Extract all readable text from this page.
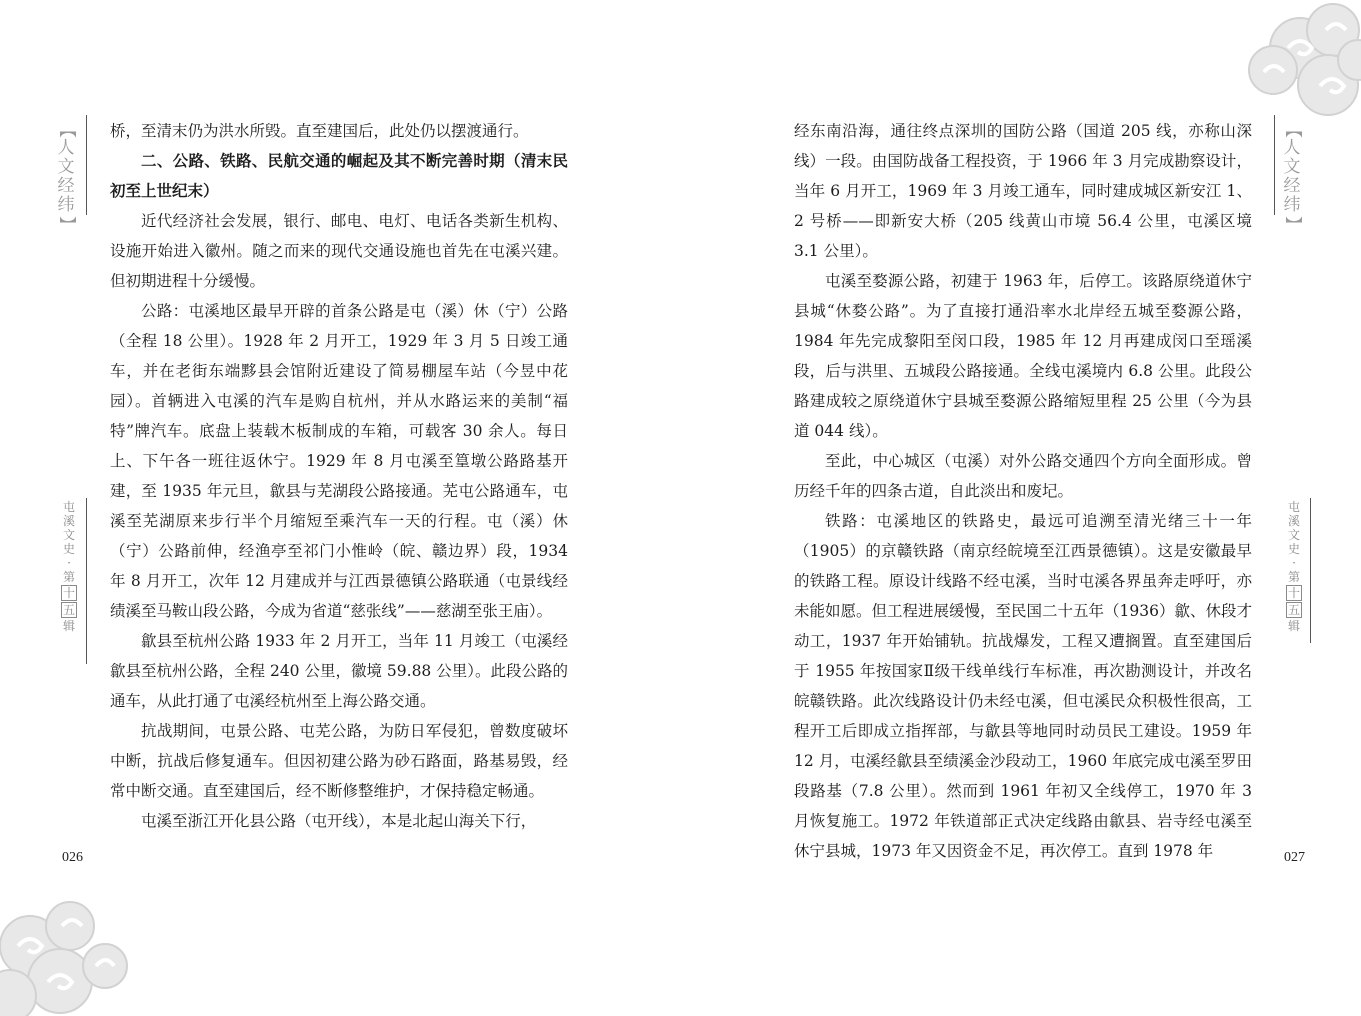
【
人
文
经
纬
】
屯
溪
文
史
·
第
十
五
辑
026

桥，至清末仍为洪水所毁。直至建国后，此处仍以摆渡通行。

二、公路、铁路、民航交通的崛起及其不断完善时期（清末民初至上世纪末）

近代经济社会发展，银行、邮电、电灯、电话各类新生机构、设施开始进入徽州。随之而来的现代交通设施也首先在屯溪兴建。但初期进程十分缓慢。

公路：屯溪地区最早开辟的首条公路是屯（溪）休（宁）公路（全程 18 公里）。1928 年 2 月开工，1929 年 3 月 5 日竣工通车，并在老街东端黟县会馆附近建设了简易棚屋车站（今昱中花园）。首辆进入屯溪的汽车是购自杭州，并从水路运来的美制“福特”牌汽车。底盘上装载木板制成的车箱，可载客 30 余人。每日上、下午各一班往返休宁。1929 年 8 月屯溪至篁墩公路路基开建，至 1935 年元旦，歙县与芜湖段公路接通。芜屯公路通车，屯溪至芜湖原来步行半个月缩短至乘汽车一天的行程。屯（溪）休（宁）公路前伸，经渔亭至祁门小惟岭（皖、赣边界）段，1934 年 8 月开工，次年 12 月建成并与江西景德镇公路联通（屯景线经绩溪至马鞍山段公路，今成为省道“慈张线”——慈湖至张王庙）。

歙县至杭州公路 1933 年 2 月开工，当年 11 月竣工（屯溪经歙县至杭州公路，全程 240 公里，徽境 59.88 公里）。此段公路的通车，从此打通了屯溪经杭州至上海公路交通。

抗战期间，屯景公路、屯芜公路，为防日军侵犯，曾数度破坏中断，抗战后修复通车。但因初建公路为砂石路面，路基易毁，经常中断交通。直至建国后，经不断修整维护，才保持稳定畅通。

屯溪至浙江开化县公路（屯开线），本是北起山海关下行，

经东南沿海，通往终点深圳的国防公路（国道 205 线，亦称山深线）一段。由国防战备工程投资，于 1966 年 3 月完成勘察设计，当年 6 月开工，1969 年 3 月竣工通车，同时建成城区新安江 1、2 号桥——即新安大桥（205 线黄山市境 56.4 公里，屯溪区境 3.1 公里）。

屯溪至婺源公路，初建于 1963 年，后停工。该路原绕道休宁县城“休婺公路”。为了直接打通沿率水北岸经五城至婺源公路，1984 年先完成黎阳至闵口段，1985 年 12 月再建成闵口至瑶溪段，后与洪里、五城段公路接通。全线屯溪境内 6.8 公里。此段公路建成较之原绕道休宁县城至婺源公路缩短里程 25 公里（今为县道 044 线）。

至此，中心城区（屯溪）对外公路交通四个方向全面形成。曾历经千年的四条古道，自此淡出和废圮。

铁路：屯溪地区的铁路史，最远可追溯至清光绪三十一年（1905）的京赣铁路（南京经皖境至江西景德镇）。这是安徽最早的铁路工程。原设计线路不经屯溪，当时屯溪各界虽奔走呼吁，亦未能如愿。但工程进展缓慢，至民国二十五年（1936）歙、休段才动工，1937 年开始铺轨。抗战爆发，工程又遭搁置。直至建国后于 1955 年按国家Ⅱ级干线单线行车标准，再次勘测设计，并改名皖赣铁路。此次线路设计仍未经屯溪，但屯溪民众积极性很高，工程开工后即成立指挥部，与歙县等地同时动员民工建设。1959 年 12 月，屯溪经歙县至绩溪金沙段动工，1960 年底完成屯溪至罗田段路基（7.8 公里）。然而到 1961 年初又全线停工，1970 年 3 月恢复施工。1972 年铁道部正式决定线路由歙县、岩寺经屯溪至休宁县城，1973 年又因资金不足，再次停工。直到 1978 年

【
人
文
经
纬
】
屯
溪
文
史
·
第
十
五
辑
027
